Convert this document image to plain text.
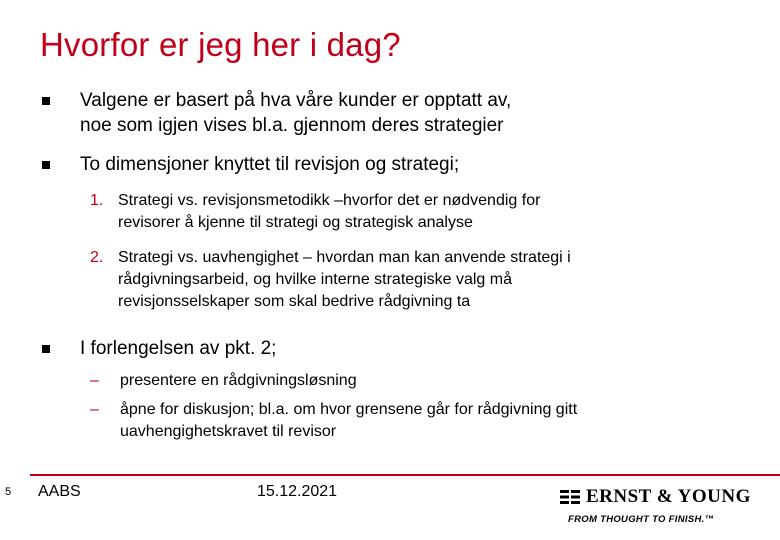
Hvorfor er jeg her i dag?
Valgene er basert på hva våre kunder er opptatt av,
noe som igjen vises bl.a. gjennom deres strategier
To dimensjoner knyttet til revisjon og strategi;
1. Strategi vs. revisjonsmetodikk –hvorfor det er nødvendig for
revisorer å kjenne til strategi og strategisk analyse
2. Strategi vs. uavhengighet – hvordan man kan anvende strategi i
rådgivningsarbeid, og hvilke interne strategiske valg må
revisjonsselskaper som skal bedrive rådgivning ta
I forlengelsen av pkt. 2;
–	presentere en rådgivningsløsning
–	åpne for diskusjon; bl.a. om hvor grensene går for rådgivning gitt
uavhengighetskravet til revisor
5 AABS	15.12.2021	ERNST & YOUNG
FROM THOUGHT TO FINISH.™
